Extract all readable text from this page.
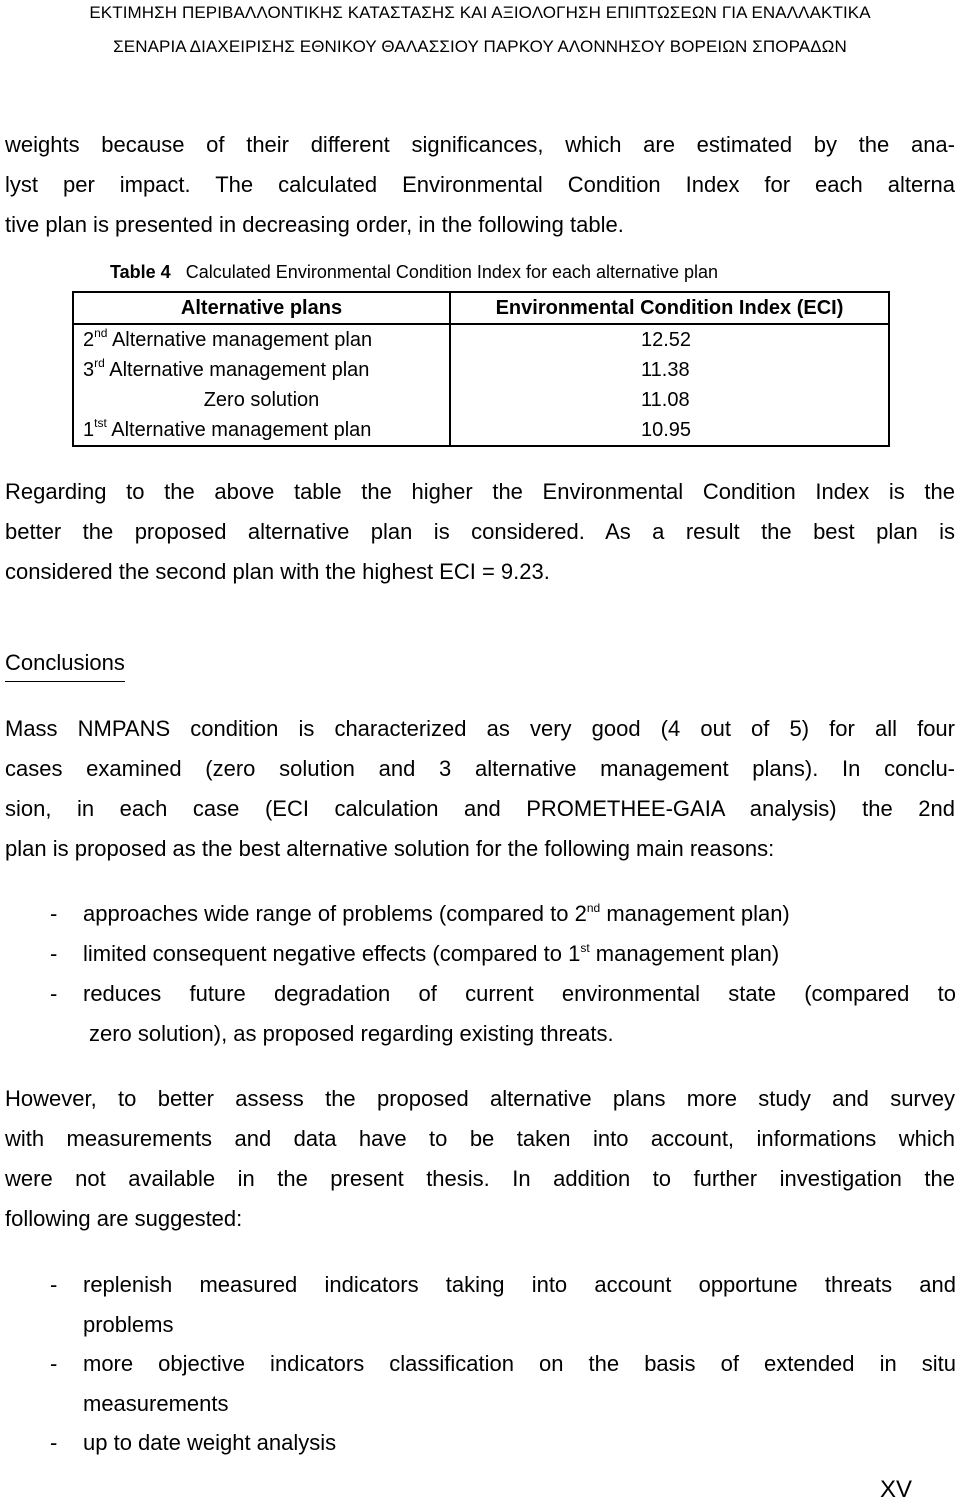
ΕΚΤΙΜΗΣΗ ΠΕΡΙΒΑΛΛΟΝΤΙΚΗΣ ΚΑΤΑΣΤΑΣΗΣ ΚΑΙ ΑΞΙΟΛΟΓΗΣΗ ΕΠΙΠΤΩΣΕΩΝ ΓΙΑ ΕΝΑΛΛΑΚΤΙΚΑ
ΣΕΝΑΡΙΑ ΔΙΑΧΕΙΡΙΣΗΣ ΕΘΝΙΚΟΥ ΘΑΛΑΣΣΙΟΥ ΠΑΡΚΟΥ ΑΛΟΝΝΗΣΟΥ ΒΟΡΕΙΩΝ ΣΠΟΡΑΔΩΝ
weights because of their different significances, which are estimated by the ana-
lyst per impact. The calculated Environmental Condition Index for each alterna
tive plan is presented in decreasing order, in the following table.
Table 4 Calculated Environmental Condition Index for each alternative plan
Alternative plans	Environmental Condition Index (ECI)
2nd Alternative management plan	12.52
3rd Alternative management plan	11.38
Zero solution	11.08
$1^{tst}$ Alternative management plan	10.95
Regarding to the above table the higher the Environmental Condition Index is the
better the proposed alternative plan is considered. As a result the best plan is
considered the second plan with the highest ECI = 9.23.
Conclusions
Mass NMPANS condition is characterized as very good (4 out of 5) for all four
cases examined (zero solution and 3 alternative management plans). In conclu-
sion, in each case (ECI calculation and PROMETHEE-GAIA analysis) the 2nd
plan is proposed as the best alternative solution for the following main reasons:
- approaches wide range of problems (compared to 2nd management plan)
- limited consequent negative effects (compared to 1st management plan)
- reduces future degradation of current environmental state (compared to
zero solution), as proposed regarding existing threats.
However, to better assess the proposed alternative plans more study and survey
with measurements and data have to be taken into account, informations which
were not available in the present thesis. In addition to further investigation the
following are suggested:
- replenish measured indicators taking into account opportune threats and
problems
- more objective indicators classification on the basis of extended in situ
measurements
- up to date weight analysis
XV
